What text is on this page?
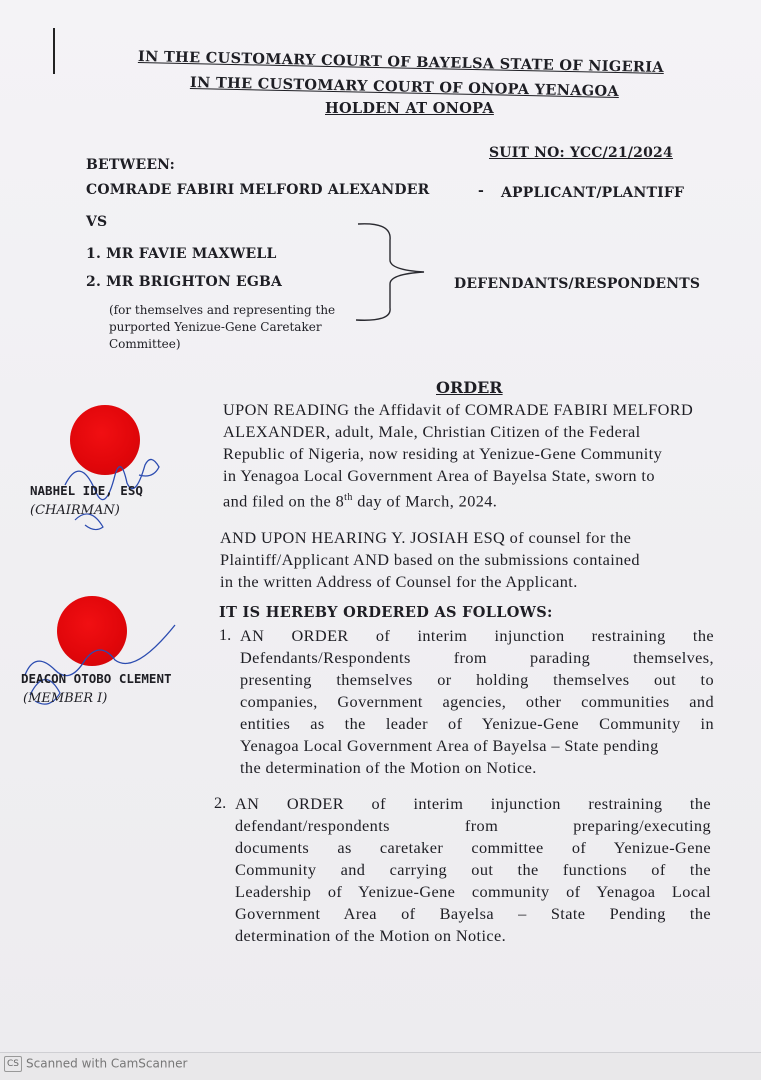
IN THE CUSTOMARY COURT OF BAYELSA STATE OF NIGERIA
IN THE CUSTOMARY COURT OF ONOPA YENAGOA
HOLDEN AT ONOPA
SUIT NO: YCC/21/2024
BETWEEN:
COMRADE FABIRI MELFORD ALEXANDER	- APPLICANT/PLANTIFF
VS
1. MR FAVIE MAXWELL
2. MR BRIGHTON EGBA
(for themselves and representing the
purported Yenizue-Gene Caretaker
Committee)
DEFENDANTS/RESPONDENTS
ORDER
UPON READING the Affidavit of COMRADE FABIRI MELFORD
ALEXANDER, adult, Male, Christian Citizen of the Federal
Republic of Nigeria, now residing at Yenizue-Gene Community
in Yenagoa Local Government Area of Bayelsa State, sworn to
and filed on the 8th day of March, 2024.
AND UPON HEARING Y. JOSIAH ESQ of counsel for the
Plaintiff/Applicant AND based on the submissions contained
in the written Address of Counsel for the Applicant.
IT IS HEREBY ORDERED AS FOLLOWS:
1. AN ORDER of interim injunction restraining the
Defendants/Respondents from parading themselves,
presenting themselves or holding themselves out to
companies, Government agencies, other communities and
entities as the leader of Yenizue-Gene Community in
Yenagoa Local Government Area of Bayelsa – State pending
the determination of the Motion on Notice.
2. AN ORDER of interim injunction restraining the
defendant/respondents from preparing/executing
documents as caretaker committee of Yenizue-Gene
Community and carrying out the functions of the
Leadership of Yenizue-Gene community of Yenagoa Local
Government Area of Bayelsa – State Pending the
determination of the Motion on Notice.
NABHEL IDE, ESQ
(CHAIRMAN)
DEACON OTOBO CLEMENT
(MEMBER I)
CS Scanned with CamScanner
